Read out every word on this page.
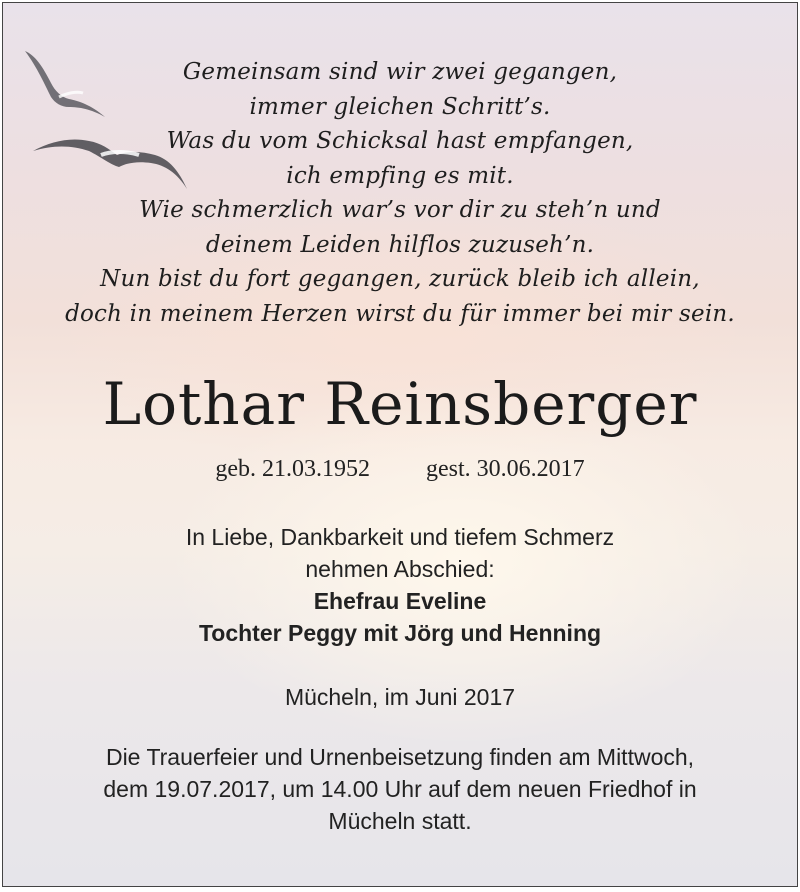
Gemeinsam sind wir zwei gegangen,
immer gleichen Schritt’s.
Was du vom Schicksal hast empfangen,
ich empfing es mit.
Wie schmerzlich war’s vor dir zu steh’n und
deinem Leiden hilflos zuzuseh’n.
Nun bist du fort gegangen, zurück bleib ich allein,
doch in meinem Herzen wirst du für immer bei mir sein.
Lothar Reinsberger
geb. 21.03.1952 gest. 30.06.2017
In Liebe, Dankbarkeit und tiefem Schmerz
nehmen Abschied:
Ehefrau Eveline
Tochter Peggy mit Jörg und Henning
Mücheln, im Juni 2017
Die Trauerfeier und Urnenbeisetzung finden am Mittwoch,
dem 19.07.2017, um 14.00 Uhr auf dem neuen Friedhof in
Mücheln statt.
